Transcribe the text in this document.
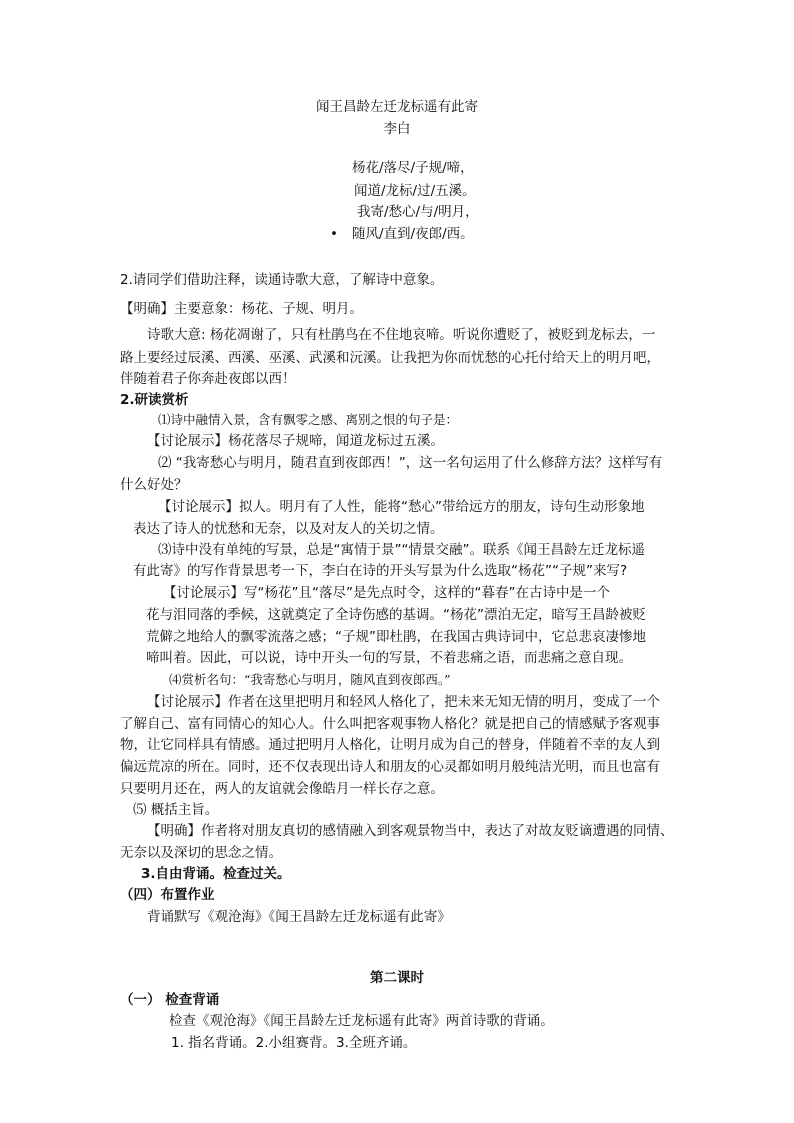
闻王昌龄左迁龙标遥有此寄
李白
杨花/落尽/子规/啼，
闻道/龙标/过/五溪。
我寄/愁心/与/明月，
• 随风/直到/夜郎/西。
2.请同学们借助注释，读通诗歌大意，了解诗中意象。
【明确】主要意象：杨花、子规、明月。
诗歌大意: 杨花凋谢了，只有杜鹃鸟在不住地哀啼。听说你遭贬了，被贬到龙标去，一
路上要经过辰溪、西溪、巫溪、武溪和沅溪。让我把为你而忧愁的心托付给天上的明月吧，
伴随着君子你奔赴夜郎以西！
2.研读赏析
⑴诗中融情入景，含有飘零之感、离别之恨的句子是：
【讨论展示】杨花落尽子规啼，闻道龙标过五溪。
⑵ “我寄愁心与明月，随君直到夜郎西！”，这一名句运用了什么修辞方法？这样写有
什么好处？
【讨论展示】拟人。明月有了人性，能将“愁心”带给远方的朋友，诗句生动形象地
表达了诗人的忧愁和无奈，以及对友人的关切之情。
⑶诗中没有单纯的写景，总是“寓情于景”“情景交融”。联系《闻王昌龄左迁龙标遥
有此寄》的写作背景思考一下，李白在诗的开头写景为什么选取“杨花”“子规”来写?
【讨论展示】写“杨花”且“落尽”是先点时令，这样的“暮春”在古诗中是一个
花与泪同落的季候，这就奠定了全诗伤感的基调。“杨花”漂泊无定，暗写王昌龄被贬
荒僻之地给人的飘零流落之感；“子规”即杜鹃，在我国古典诗词中，它总悲哀凄惨地
啼叫着。因此，可以说，诗中开头一句的写景，不着悲痛之语，而悲痛之意自现。
⑷赏析名句：“我寄愁心与明月，随风直到夜郎西。”
【讨论展示】作者在这里把明月和轻风人格化了，把未来无知无情的明月，变成了一个
了解自己、富有同情心的知心人。什么叫把客观事物人格化？就是把自己的情感赋予客观事
物，让它同样具有情感。通过把明月人格化，让明月成为自己的替身，伴随着不幸的友人到
偏远荒凉的所在。同时，还不仅表现出诗人和朋友的心灵都如明月般纯洁光明，而且也富有
只要明月还在，两人的友谊就会像皓月一样长存之意。
⑸ 概括主旨。
【明确】作者将对朋友真切的感情融入到客观景物当中，表达了对故友贬谪遭遇的同情、
无奈以及深切的思念之情。
3.自由背诵。检查过关。
（四）布置作业
背诵默写《观沧海》《闻王昌龄左迁龙标遥有此寄》
第二课时
（一） 检查背诵
检查《观沧海》《闻王昌龄左迁龙标遥有此寄》两首诗歌的背诵。
1. 指名背诵。2.小组赛背。3.全班齐诵。
